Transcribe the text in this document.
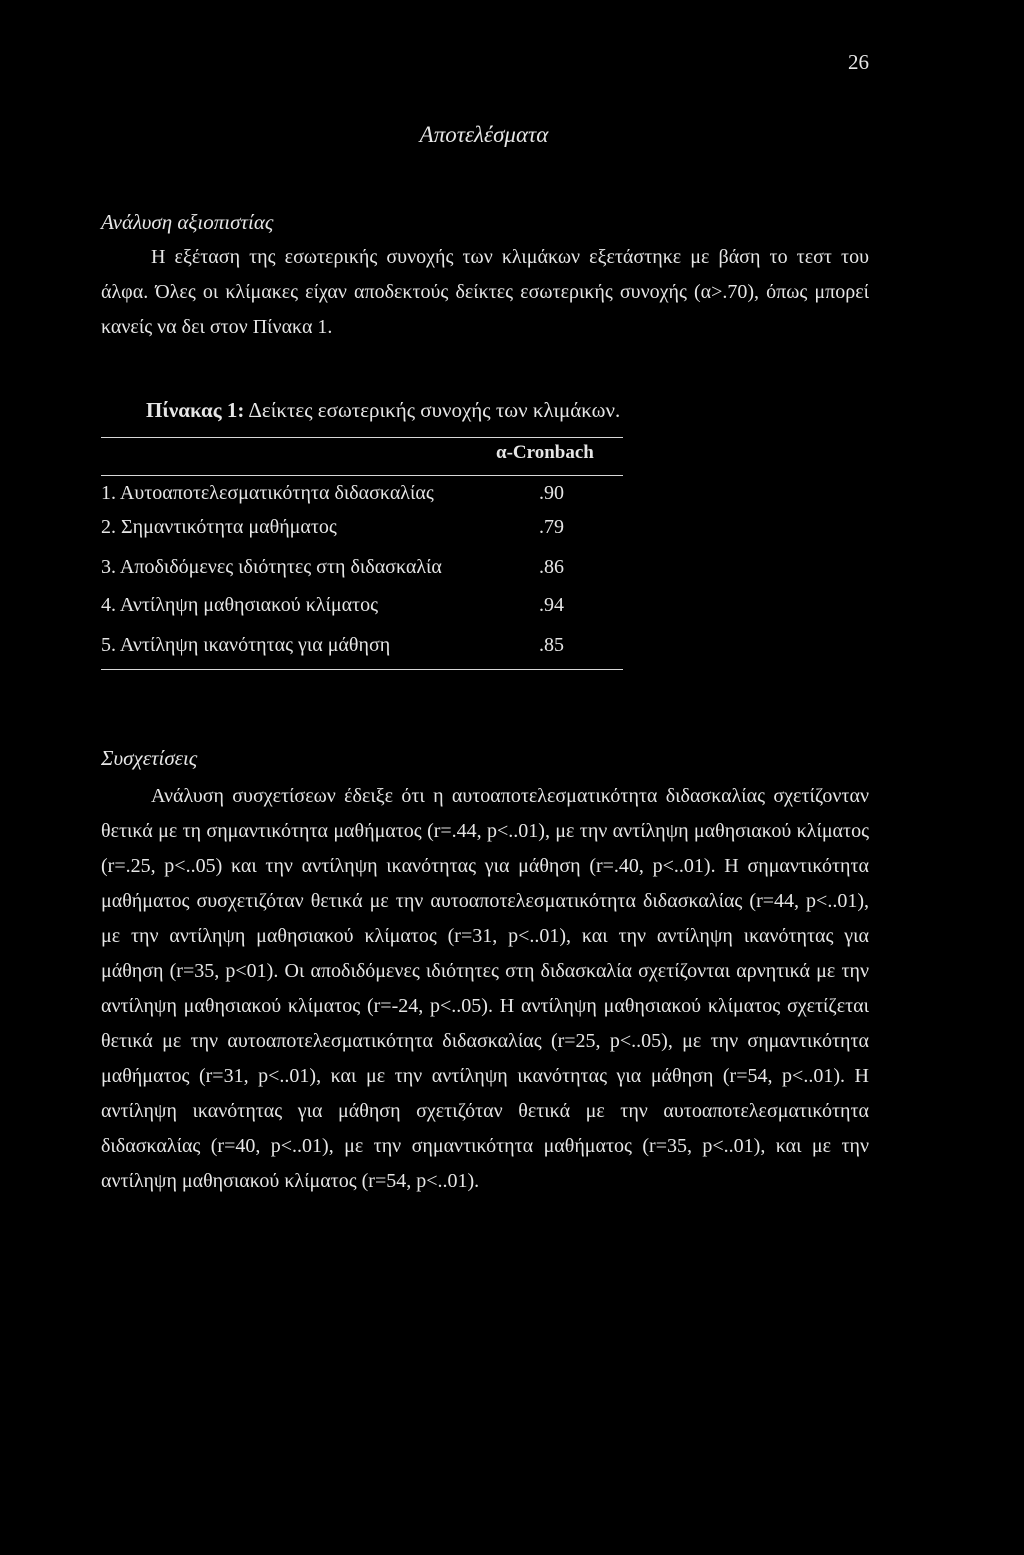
26
Αποτελέσματα
Ανάλυση αξιοπιστίας

Η εξέταση της εσωτερικής συνοχής των κλιμάκων εξετάστηκε με βάση το τεστ του άλφα. Όλες οι κλίμακες είχαν αποδεκτούς δείκτες εσωτερικής συνοχής (α>.70), όπως μπορεί κανείς να δει στον Πίνακα 1.

Πίνακας 1: Δείκτες εσωτερικής συνοχής των κλιμάκων.
α-Cronbach
1. Αυτοαποτελεσματικότητα διδασκαλίας	.90
2. Σημαντικότητα μαθήματος	.79
3. Αποδιδόμενες ιδιότητες στη διδασκαλία	.86
4. Αντίληψη μαθησιακού κλίματος	.94
5. Αντίληψη ικανότητας για μάθηση	.85
Συσχετίσεις

Ανάλυση συσχετίσεων έδειξε ότι η αυτοαποτελεσματικότητα διδασκαλίας σχετίζονταν θετικά με τη σημαντικότητα μαθήματος (r=.44, p<..01), με την αντίληψη μαθησιακού κλίματος (r=.25, p<..05) και την αντίληψη ικανότητας για μάθηση (r=.40, p<..01). Η σημαντικότητα μαθήματος συσχετιζόταν θετικά με την αυτοαποτελεσματικότητα διδασκαλίας (r=44, p<..01), με την αντίληψη μαθησιακού κλίματος (r=31, p<..01), και την αντίληψη ικανότητας για μάθηση (r=35, p<01). Οι αποδιδόμενες ιδιότητες στη διδασκαλία σχετίζονται αρνητικά με την αντίληψη μαθησιακού κλίματος (r=-24, p<..05). Η αντίληψη μαθησιακού κλίματος σχετίζεται θετικά με την αυτοαποτελεσματικότητα διδασκαλίας (r=25, p<..05), με την σημαντικότητα μαθήματος (r=31, p<..01), και με την αντίληψη ικανότητας για μάθηση (r=54, p<..01). Η αντίληψη ικανότητας για μάθηση σχετιζόταν θετικά με την αυτοαποτελεσματικότητα διδασκαλίας (r=40, p<..01), με την σημαντικότητα μαθήματος (r=35, p<..01), και με την αντίληψη μαθησιακού κλίματος (r=54, p<..01).
